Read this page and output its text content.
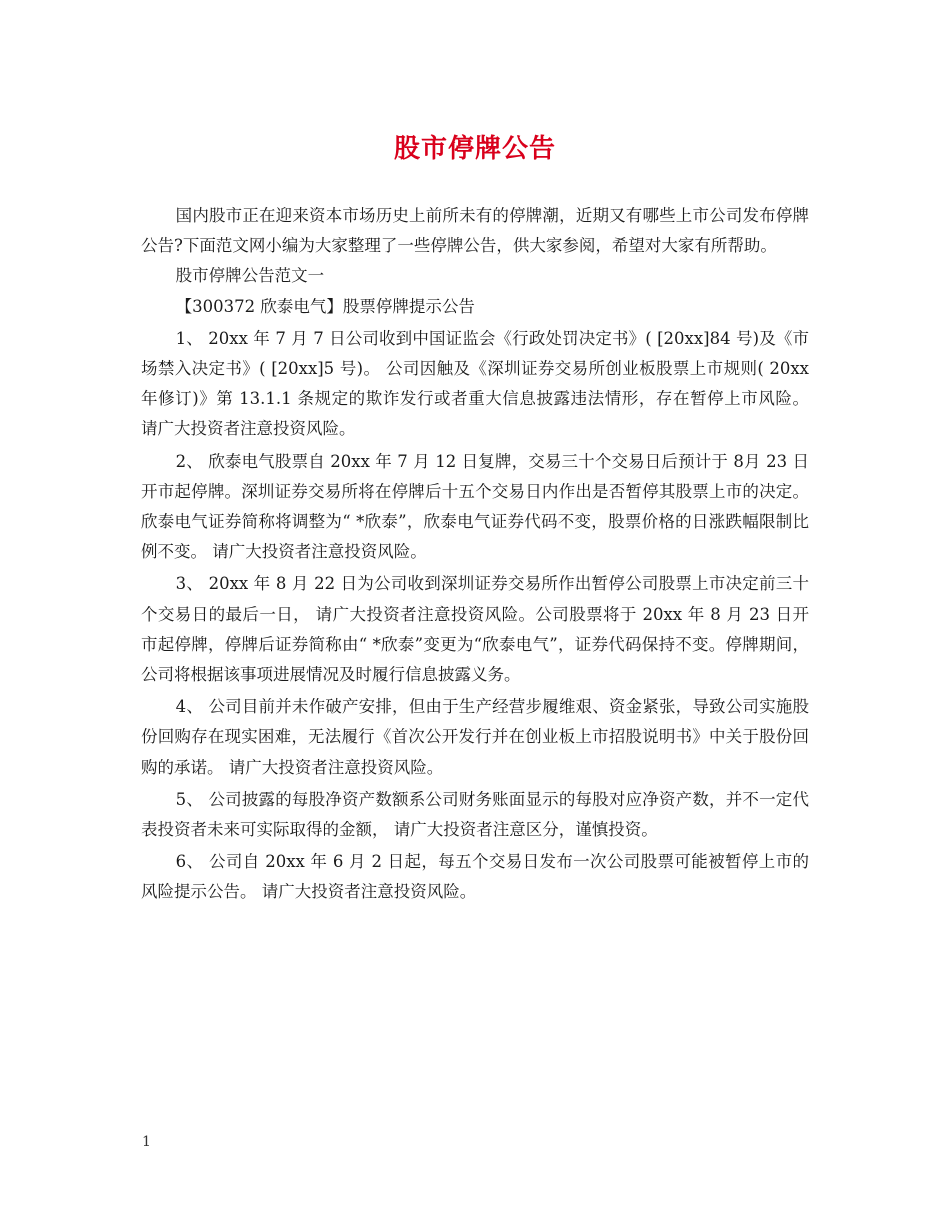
股市停牌公告

国内股市正在迎来资本市场历史上前所未有的停牌潮，近期又有哪些上市公司发布停牌公告?下面范文网小编为大家整理了一些停牌公告，供大家参阅，希望对大家有所帮助。

股市停牌公告范文一

【300372 欣泰电气】股票停牌提示公告

1、 20xx 年 7 月 7 日公司收到中国证监会《行政处罚决定书》( [20xx]84 号)及《市场禁入决定书》( [20xx]5 号)。 公司因触及《深圳证券交易所创业板股票上市规则( 20xx 年修订)》第 13.1.1 条规定的欺诈发行或者重大信息披露违法情形，存在暂停上市风险。 请广大投资者注意投资风险。

2、 欣泰电气股票自 20xx 年 7 月 12 日复牌，交易三十个交易日后预计于 8月 23 日开市起停牌。深圳证券交易所将在停牌后十五个交易日内作出是否暂停其股票上市的决定。 欣泰电气证券简称将调整为“ *欣泰”，欣泰电气证券代码不变，股票价格的日涨跌幅限制比例不变。 请广大投资者注意投资风险。

3、 20xx 年 8 月 22 日为公司收到深圳证券交易所作出暂停公司股票上市决定前三十个交易日的最后一日， 请广大投资者注意投资风险。公司股票将于 20xx 年 8 月 23 日开市起停牌，停牌后证券简称由“ *欣泰”变更为“欣泰电气”，证券代码保持不变。停牌期间， 公司将根据该事项进展情况及时履行信息披露义务。

4、 公司目前并未作破产安排，但由于生产经营步履维艰、资金紧张，导致公司实施股份回购存在现实困难，无法履行《首次公开发行并在创业板上市招股说明书》中关于股份回购的承诺。 请广大投资者注意投资风险。

5、 公司披露的每股净资产数额系公司财务账面显示的每股对应净资产数，并不一定代表投资者未来可实际取得的金额， 请广大投资者注意区分，谨慎投资。

6、 公司自 20xx 年 6 月 2 日起，每五个交易日发布一次公司股票可能被暂停上市的风险提示公告。 请广大投资者注意投资风险。

1
